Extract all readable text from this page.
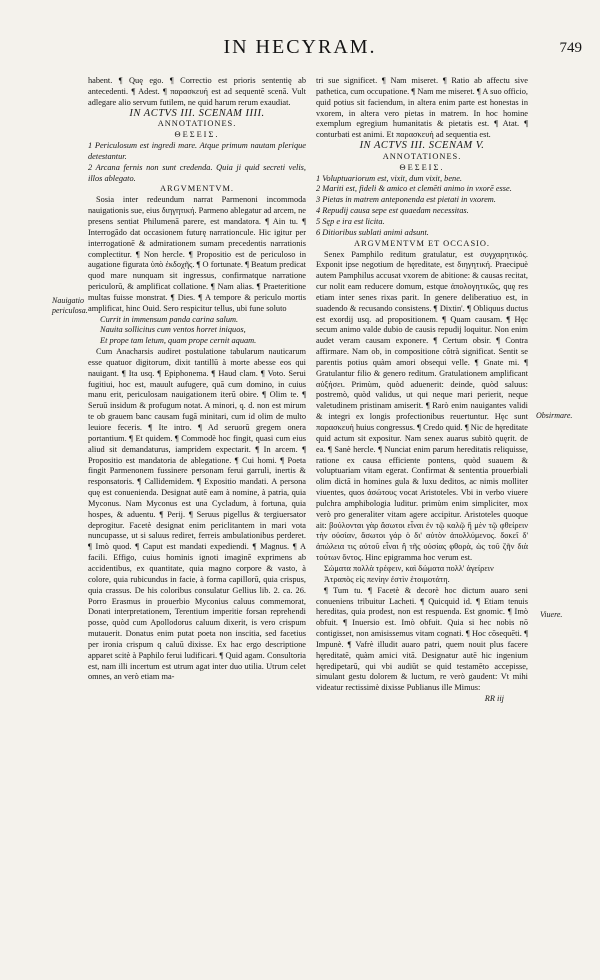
IN HECYRAM.	749

habent. ¶ Quę ego. ¶ Correctio est prioris sententię ab antecedenti. ¶ Adest. ¶ παρασκευή est ad sequentē scenā. Vult adlegare alio servum futilem, ne quid harum rerum exaudiat.

IN ACTVS III. SCENAM IIII.

ANNOTATIONES.

ΘΕΣΕΙΣ.

1 Periculosum est ingredi mare. Atque primum nautam plerique detestantur.

2 Arcana fernis non sunt credenda. Quia ji quid secreti velis, illos ablegato.

ARGVMENTVM.

Sosia inter redeundum narrat Parmenoni incommoda nauigationis sue, eius διηγητική. Parmeno ablegatur ad arcem, ne presens sentiat Philumenā parere, est mandatora. ¶ Ain tu. ¶ Interrogādo dat occasionem futurę narrationcule. Hic igitur per interrogationē & admirationem sumam precedentis narrationis complectitur. ¶ Non hercle. ¶ Propositio est de periculoso in augatione figurata ὑπὸ ἐκδοχῆς. ¶ O fortunate. ¶ Beatum predicat quod mare nunquam sit ingressus, confirmatque narratione periculorū, & amplificat collatione. ¶ Nam alias. ¶ Praeteritione multas fuisse monstrat. ¶ Dies. ¶ A tempore & periculo mortis amplificat, hinc Ouid. Sero respicitur tellus, ubi fune soluto

Currit in immensum panda carina salum.

Nauita sollicitus cum ventos horret iniquos,

Et prope tam letum, quam prope cernit aquam.

Cum Anacharsis audiret postulatione tabularum nauticarum esse quatuor digitorum, dixit tantillū à morte abesse eos qui nauigant. ¶ Ita usq. ¶ Epiphonema. ¶ Haud clam. ¶ Voto. Serui fugitiui, hoc est, mauult aufugere, quā cum domino, in cuius manu erit, periculosam nauigationem iterū obire. ¶ Olim te. ¶ Seruū insidum & profugum notat. A minori, q. d. non est mirum te ob grauem banc causam fugā minitari, cum id olim de multo leuiore feceris. ¶ Ite intro. ¶ Ad seruorū gregem onera portantium. ¶ Et quidem. ¶ Commodè hoc fingit, quasi cum eius aliud sit demandaturus, iampridem expectarit. ¶ In arcem. ¶ Propositio est mandatoria de ablegatione. ¶ Cui homi. ¶ Poeta fingit Parmenonem fussinere personam ferui garruli, inertis & responsatoris. ¶ Callidemidem. ¶ Expositio mandati. A persona quę est conuenienda. Designat autē eam à nomine, à patria, quia Myconus. Nam Myconus est una Cycladum, à fortuna, quia hospes, & aduentu. ¶ Perij. ¶ Seruus pigellus & tergiuersator deprogitur. Facetè designat enim periclitantem in mari vota nuncupasse, ut si saluus rediret, ferreis ambulationibus perderet. ¶ Imò quod. ¶ Caput est mandati expediendi. ¶ Magnus. ¶ A facili. Effigo, cuius hominis ignoti imaginē exprimens ab accidentibus, ex quantitate, quia magno corpore & vasto, à colore, quia rubicundus in facie, à forma capillorū, quia crispus, quia crassus. De his coloribus consulatur Gellius lib. 2. ca. 26. Porro Erasmus in prouerbio Myconius caluus commemorat, Donati interpretationem, Terentium imperitie forsan reprehendi posse, quòd cum Apollodorus caluum dixerit, is vero crispum mutauerit. Donatus enim putat poeta non inscitia, sed facetius per ironia crispum q caluū dixisse. Ex hac ergo descriptione apparet scitè à Paphilo ferui ludificari. ¶ Quid agam. Consultoria est, nam illi incertum est utrum agat inter duo utilia. Utrum celet omnes, an verò etiam ma-

tri sue significet. ¶ Nam miseret. ¶ Ratio ab affectu sive pathetica, cum occupatione. ¶ Nam me miseret. ¶ A suo officio, quid potius sit faciendum, in altera enim parte est honestas in vxorem, in altera vero pietas in matrem. In hoc homine exemplum egregium humanitatis & pietatis est. ¶ Atat. ¶ conturbati est animi. Et παρασκευή ad sequentia est.

IN ACTVS III. SCENAM V.

ANNOTATIONES.

ΘΕΣΕΙΣ.

1 Voluptuariorum est, vixit, dum vixit, bene.

2 Mariti est, fideli & amico et clemēti animo in vxorē esse.

3 Pietas in matrem anteponenda est pietati in vxorem.

4 Repudij causa sepe est quaedam necessitas.

5 Sęp e ira est licita.

6 Ditioribus sublati animi adsunt.

ARGVMENTVM ET OCCASIO.

Senex Pamphilo reditum gratulatur, est συγχαρητικός. Exponit ipse negotium de hęreditate, est διηγητική. Praecipuè autem Pamphilus accusat vxorem de abitione: & causas recitat, cur nolit eam reducere domum, estque ἀπολογητικῶς, quę res etiam inter senes rixas parit. In genere deliberatiuo est, in suadendo & recusando consistens. ¶ Dixtin'. ¶ Obliquus ductus est exordij usq. ad propositionem. ¶ Quam causam. ¶ Hęc secum animo valde dubio de causis repudij loquitur. Non enim audet veram causam exponere. ¶ Certum obsir. ¶ Contra affirmare. Nam ob, in compositione cōtrà significat. Sentit se parentis potius quàm amori obsequi velle. ¶ Gnate mi. ¶ Gratulantur filio & genero reditum. Gratulationem amplificant αὐξήσει. Primùm, quòd aduenerit: deinde, quòd saluus: postremò, quòd validus, ut qui neque mari perierit, neque valetudinem pristinam amiserit. ¶ Rarò enim nauigantes validi & integri ex longis profectionibus reuertuntur. Hęc sunt παρασκευή huius congressus. ¶ Credo quid. ¶ Nic de hęreditate quid actum sit expositur. Nam senex auarus subitò quęrit. de ea. ¶ Sanè hercle. ¶ Nunciat enim parum hereditatis reliquisse, ratione ex causa efficiente pontens, quòd suauem & voluptuariam vitam egerat. Confirmat & sententia prouerbiali olim dictā in homines gula & luxu deditos, ac nimis molliter viuentes, quos ἀσώτους vocat Aristoteles. Vbi in verbo viuere pulchra amphibologia luditur. primùm enim simpliciter, mox verò pro generaliter vitam agere accipitur. Aristoteles quoque ait: βούλονται γὰρ ἄσωτοι εἶναι ἐν τῷ καλῷ ἢ μὲν τῷ φθείρειν τὴν οὐσίαν, ἄσωτοι γάρ ὁ δι' αὐτὸν ἀπολλύμενος. δοκεῖ δ' ἀπώλεια τις αὐτοῦ εἶναι ἢ τῆς οὐσίας φθορὰ, ὡς τοῦ ζῆν διὰ τούτων ὄντος. Hinc epigramma hoc verum est.

Σώματα πολλὰ τρέφειν, καὶ δώματα πολλ' ἀγείρειν

Ἀτραπὸς εἰς πενίην ἐστὶν ἑτοιμοτάτη.

¶ Tum tu. ¶ Facetè & decorè hoc dictum auaro seni conueniens tribuitur Lacheti. ¶ Quicquid id. ¶ Etiam tenuis hereditas, quia prodest, non est respuenda. Est gnomic. ¶ Imò obfuit. ¶ Inuersio est. Imò obfuit. Quia si hec nobis nō contigisset, non amisissemus vitam cognati. ¶ Hoc cōsequēti. ¶ Impunè. ¶ Vafrè illudit auaro patri, quem nouit plus facere hęreditatē, quàm amici vitā. Designatur autē hic ingenium hęredipetarū, qui vbi audiūt se quid testamēto accepisse, simulant gestu dolorem & luctum, re verò gaudent: Vt mihi videatur rectissimè dixisse Publianus ille Mimus:

RR iij

Nauigatio periculosa.
Obsirmare.
Viuere.
